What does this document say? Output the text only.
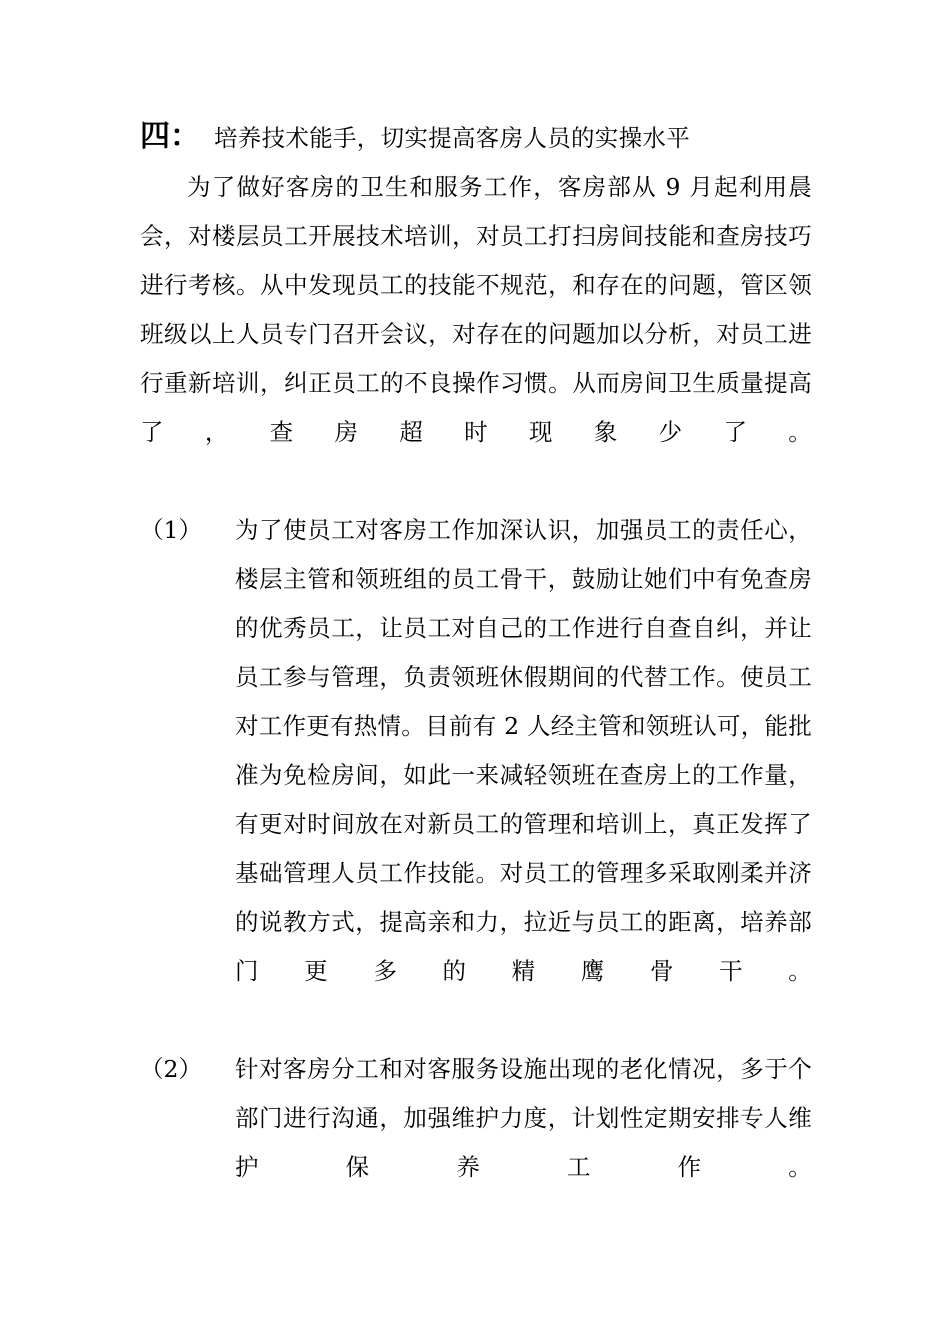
四： 培养技术能手，切实提高客房人员的实操水平

为了做好客房的卫生和服务工作，客房部从 9 月起利用晨会，对楼层员工开展技术培训，对员工打扫房间技能和查房技巧进行考核。从中发现员工的技能不规范，和存在的问题，管区领班级以上人员专门召开会议，对存在的问题加以分析，对员工进行重新培训，纠正员工的不良操作习惯。从而房间卫生质量提高了，查房超时现象少了。

（1）	为了使员工对客房工作加深认识，加强员工的责任心，楼层主管和领班组的员工骨干，鼓励让她们中有免查房的优秀员工，让员工对自己的工作进行自查自纠，并让员工参与管理，负责领班休假期间的代替工作。使员工对工作更有热情。目前有 2 人经主管和领班认可，能批准为免检房间，如此一来减轻领班在查房上的工作量，有更对时间放在对新员工的管理和培训上，真正发挥了基础管理人员工作技能。对员工的管理多采取刚柔并济的说教方式，提高亲和力，拉近与员工的距离，培养部门更多的精鹰骨干。
（2）	针对客房分工和对客服务设施出现的老化情况，多于个部门进行沟通，加强维护力度，计划性定期安排专人维护保养工作。
